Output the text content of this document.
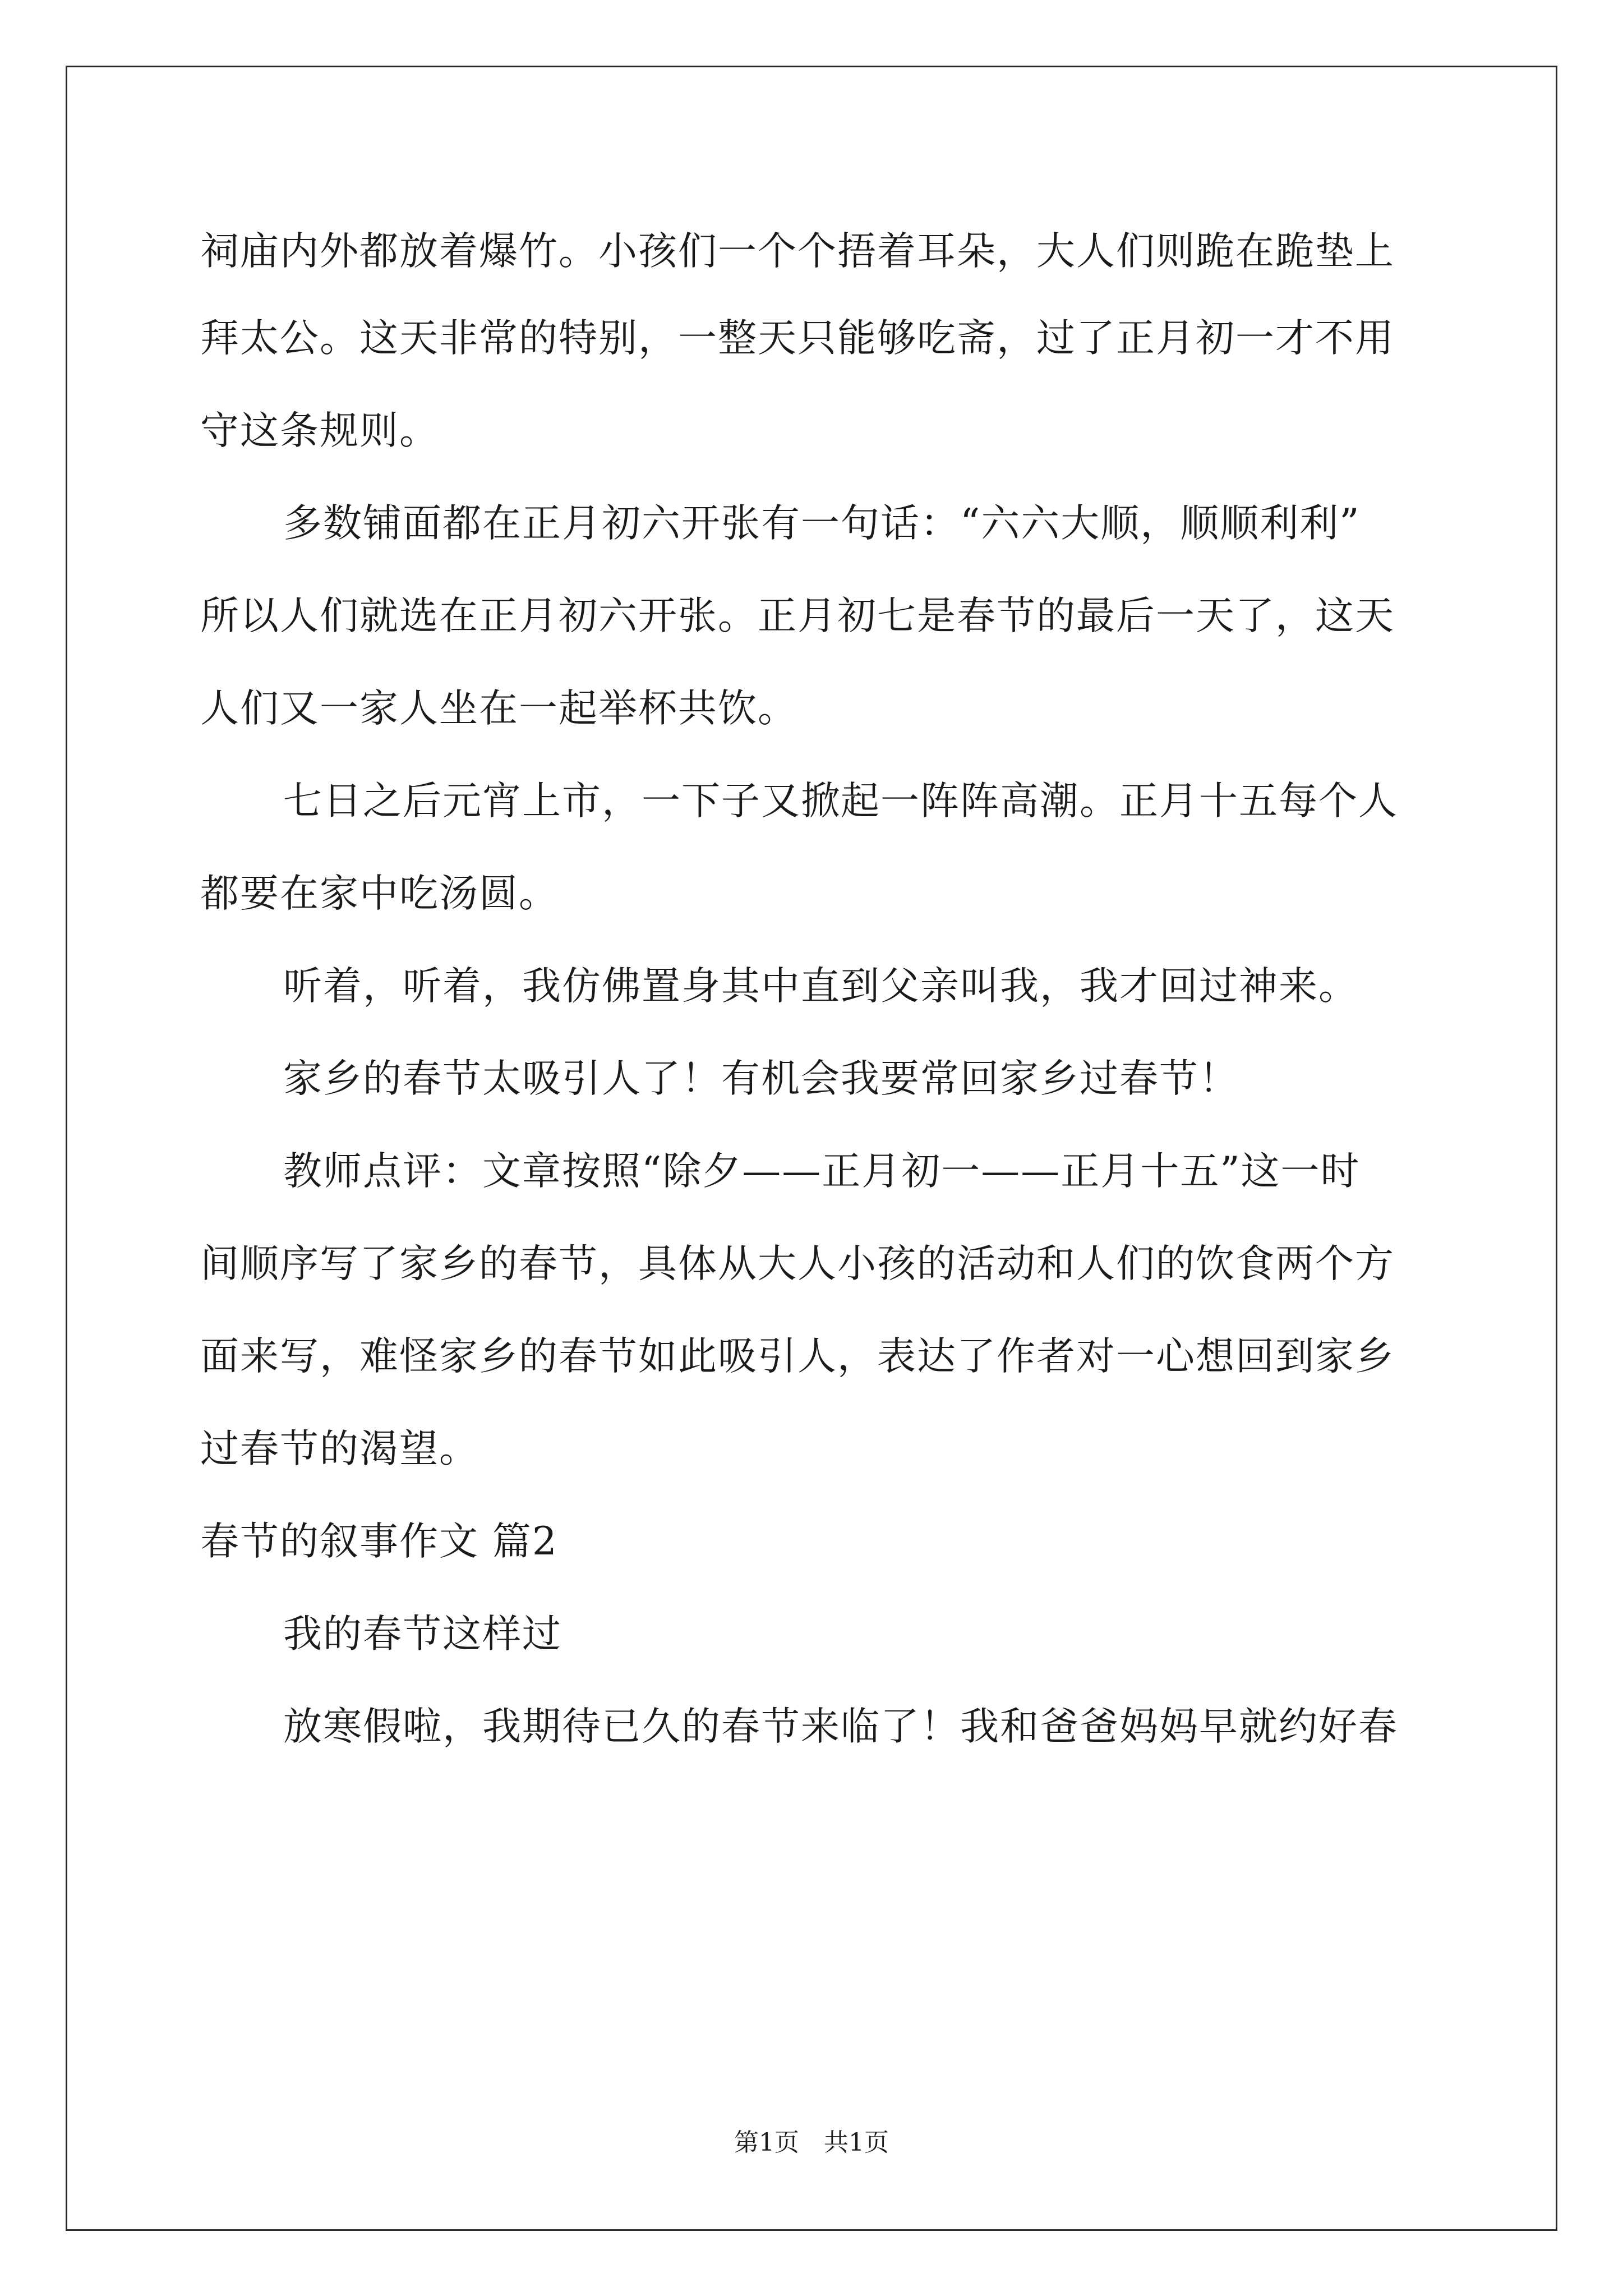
祠庙内外都放着爆竹。小孩们一个个捂着耳朵，大人们则跪在跪垫上
拜太公。这天非常的特别，一整天只能够吃斋，过了正月初一才不用
守这条规则。
多数铺面都在正月初六开张有一句话：“六六大顺，顺顺利利”
所以人们就选在正月初六开张。正月初七是春节的最后一天了，这天
人们又一家人坐在一起举杯共饮。
七日之后元宵上市，一下子又掀起一阵阵高潮。正月十五每个人
都要在家中吃汤圆。
听着，听着，我仿佛置身其中直到父亲叫我，我才回过神来。
家乡的春节太吸引人了！有机会我要常回家乡过春节！
教师点评：文章按照“除夕——正月初一——正月十五”这一时
间顺序写了家乡的春节，具体从大人小孩的活动和人们的饮食两个方
面来写，难怪家乡的春节如此吸引人，表达了作者对一心想回到家乡
过春节的渴望。
春节的叙事作文 篇2
我的春节这样过
放寒假啦，我期待已久的春节来临了！我和爸爸妈妈早就约好春
第1页　共1页
